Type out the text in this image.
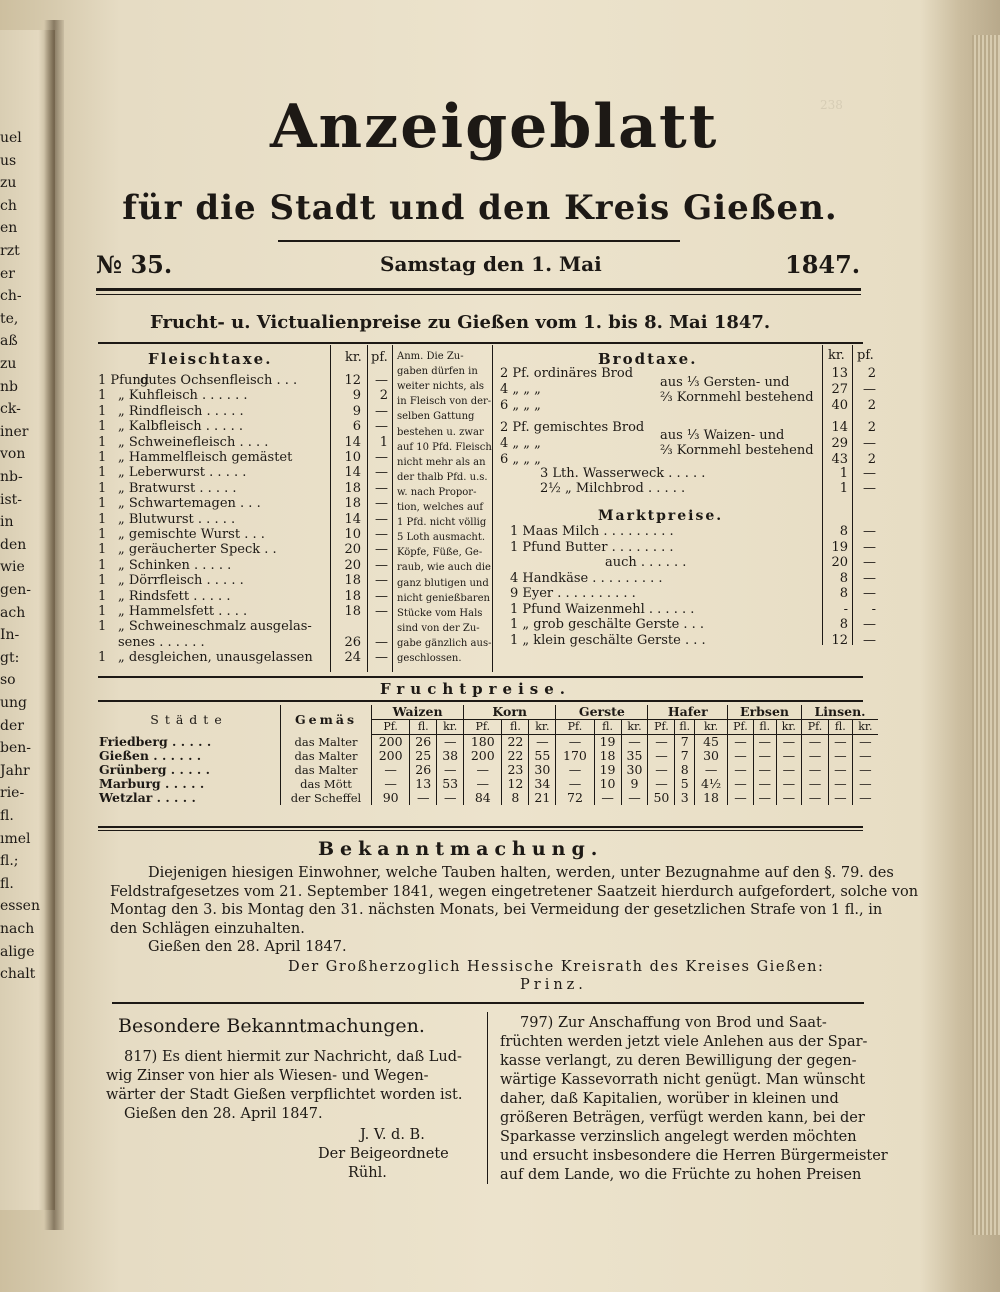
238
uel
us
zu
ch
en
rzt
er
ch-
te,
aß
zu
nb
ck-
iner
von
nb-
ist-
in
den
wie
gen-
ach
In-
gt:
so
ung
der
ben-
Jahr
rie-
fl.
ımel
fl.;
fl.
essen
nach
alige
chalt
Anzeigeblatt
für die Stadt und den Kreis Gießen.
№ 35.	Samstag den 1. Mai	1847.
Frucht- u. Victualienpreise zu Gießen vom 1. bis 8. Mai 1847.
Fleischtaxe.	kr. pf.
1 Pfund
gutes Ochsenfleisch . . .	12	—
1 „ Kuhfleisch . . . . . .	9	2
1 „ Rindfleisch . . . . .	9	—
1 „ Kalbfleisch . . . . .	6	—
1 „ Schweinefleisch . . . .	14	1
1 „ Hammelfleisch gemästet	10	—
1 „ Leberwurst . . . . .	14	—
1 „ Bratwurst . . . . .	18	—
1 „ Schwartemagen . . .	18	—
1 „ Blutwurst . . . . .	14	—
1 „ gemischte Wurst . . .	10	—
1 „ geräucherter Speck . .	20	—
1 „ Schinken . . . . .	20	—
1 „ Dörrfleisch . . . . .	18	—
1 „ Rindsfett . . . . .	18	—
1 „ Hammelsfett . . . .	18	—
1 „ Schweineschmalz ausgelas-
senes . . . . . .	26	—
1 „ desgleichen, unausgelassen	24	—
Anm. Die Zu-
gaben dürfen in
weiter nichts, als
in Fleisch von der-
selben Gattung
bestehen u. zwar
auf 10 Pfd. Fleisch
nicht mehr als an
der thalb Pfd. u.s.
w. nach Propor-
tion, welches auf
1 Pfd. nicht völlig
5 Loth ausmacht.
Köpfe, Füße, Ge-
raub, wie auch die
ganz blutigen und
nicht genießbaren
Stücke vom Hals
sind von der Zu-
gabe gänzlich aus-
geschlossen.
Brodtaxe.	kr. pf.
2 Pf. ordinäres Brod	13	2
4 „ „ „	27	—
6 „ „ „	40	2
2 Pf. gemischtes Brod	14	2
4 „ „ „	29	—
6 „ „ „	43	2
3 Lth. Wasserweck . . . . .	1	—
2½ „ Milchbrod . . . . .	1	—
aus ⅓ Gersten- und
⅔ Kornmehl bestehend
aus ⅓ Waizen- und
⅔ Kornmehl bestehend
Marktpreise.
1 Maas Milch . . . . . . . . .	8	—
1 Pfund Butter . . . . . . . .	19	—
auch . . . . . .	20	—
4 Handkäse . . . . . . . . .	8	—
9 Eyer . . . . . . . . . .	8	—
1 Pfund Waizenmehl . . . . . .	-	-
1 „ grob geschälte Gerste . . .	8	—
1 „ klein geschälte Gerste . . .	12	—
Fruchtpreise.
Städte	Gemäs	Waizen			Korn			Gerste			Hafer			Erbsen			Linsen.		
		Pf.	fl.	kr.	Pf.	fl.	kr.	Pf.	fl.	kr.	Pf.	fl.	kr.	Pf.	fl.	kr.	Pf.	fl.	kr.
Friedberg . . . . .	das Malter	200	26	—	180	22	—	—	19	—	—	7	45	—	—	—	—	—	—
Gießen . . . . . .	das Malter	200	25	38	200	22	55	170	18	35	—	7	30	—	—	—	—	—	—
Grünberg . . . . .	das Malter	—	26	—	—	23	30	—	19	30	—	8	—	—	—	—	—	—	—
Marburg . . . . .	das Mött	—	13	53	—	12	34	—	10	9	—	5	4½	—	—	—	—	—	—
Wetzlar . . . . .	der Scheffel	90	—	—	84	8	21	72	—	—	50	3	18	—	—	—	—	—	—
Bekanntmachung.
Diejenigen hiesigen Einwohner, welche Tauben halten, werden, unter Bezugnahme auf den §. 79. des
Feldstrafgesetzes vom 21. September 1841, wegen eingetretener Saatzeit hierdurch aufgefordert, solche von
Montag den 3. bis Montag den 31. nächsten Monats, bei Vermeidung der gesetzlichen Strafe von 1 fl., in
den Schlägen einzuhalten.
Gießen den 28. April 1847.
Der Großherzoglich Hessische Kreisrath des Kreises Gießen:
Prinz.
Besondere Bekanntmachungen.
817) Es dient hiermit zur Nachricht, daß Lud-
wig Zinser von hier als Wiesen- und Wegen-
wärter der Stadt Gießen verpflichtet worden ist.
Gießen den 28. April 1847.
J. V. d. B.
Der Beigeordnete
Rühl.
797) Zur Anschaffung von Brod und Saat-
früchten werden jetzt viele Anlehen aus der Spar-
kasse verlangt, zu deren Bewilligung der gegen-
wärtige Kassevorrath nicht genügt. Man wünscht
daher, daß Kapitalien, worüber in kleinen und
größeren Beträgen, verfügt werden kann, bei der
Sparkasse verzinslich angelegt werden möchten
und ersucht insbesondere die Herren Bürgermeister
auf dem Lande, wo die Früchte zu hohen Preisen
